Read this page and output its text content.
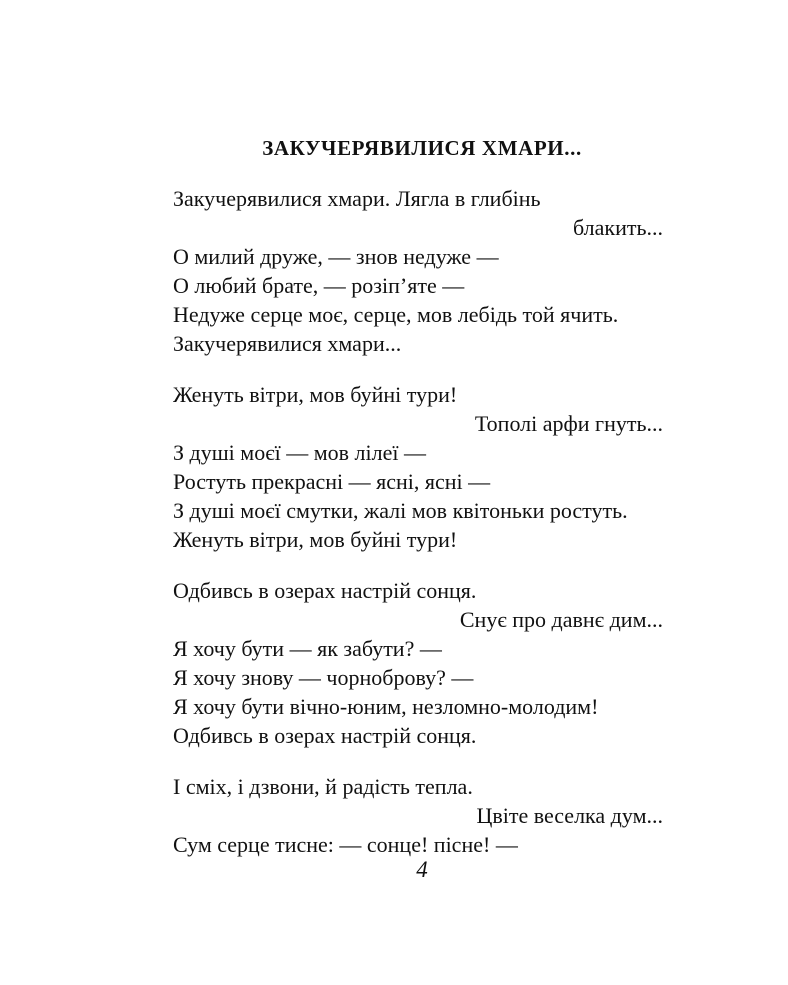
ЗАКУЧЕРЯВИЛИСЯ ХМАРИ...
Закучерявилися хмари. Лягла в глибінь
блакить...
О милий друже, — знов недуже —
О любий брате, — розіп’яте —
Недуже серце моє, серце, мов лебідь той ячить.
Закучерявилися хмари...
Женуть вітри, мов буйні тури!
Тополі арфи гнуть...
З душі моєї — мов лілеї —
Ростуть прекрасні — ясні, ясні —
З душі моєї смутки, жалі мов квітоньки ростуть.
Женуть вітри, мов буйні тури!
Одбивсь в озерах настрій сонця.
Снує про давнє дим...
Я хочу бути — як забути? —
Я хочу знову — чорноброву? —
Я хочу бути вічно-юним, незломно-молодим!
Одбивсь в озерах настрій сонця.
І сміх, і дзвони, й радість тепла.
Цвіте веселка дум...
Сум серце тисне: — сонце! пісне! —
4
